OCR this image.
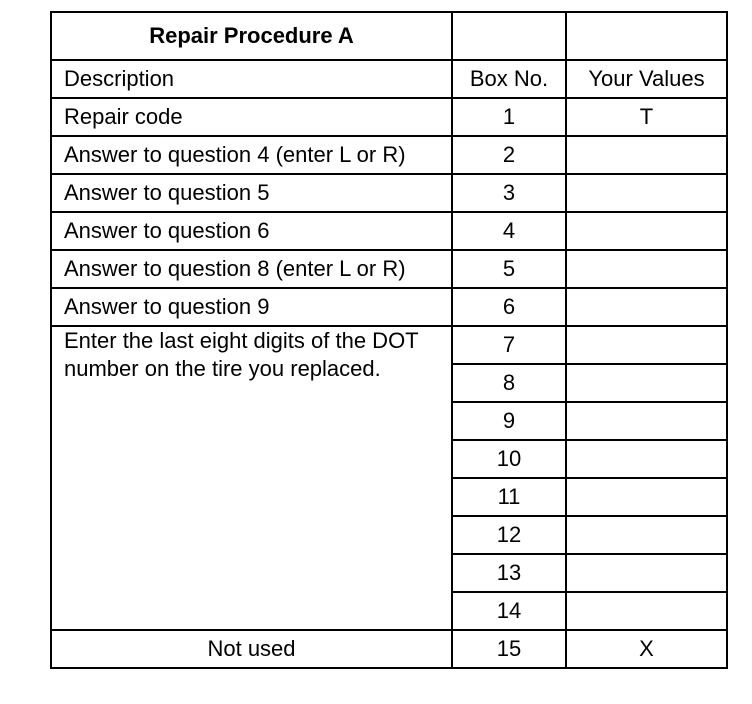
Repair Procedure A		
Description	Box No.	Your Values
Repair code	1	T
Answer to question 4 (enter L or R)	2	
Answer to question 5	3	
Answer to question 6	4	
Answer to question 8 (enter L or R)	5	
Answer to question 9	6	
Enter the last eight digits of the DOT number on the tire you replaced.	7	
	8	
	9	
	10	
	11	
	12	
	13	
	14	
Not used	15	X
